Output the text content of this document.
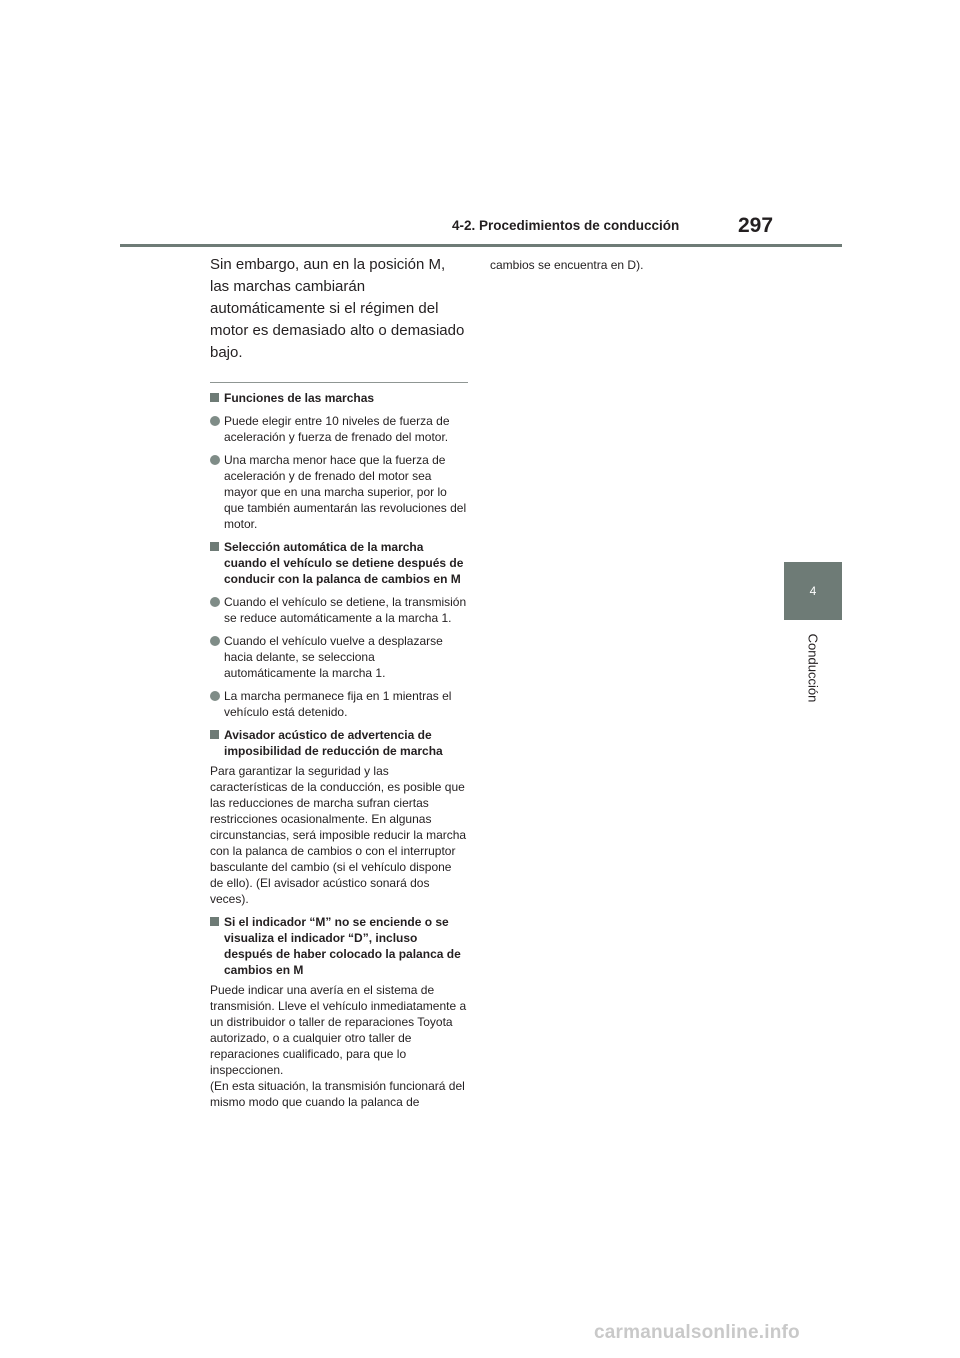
4-2. Procedimientos de conducción	297
4
Conducción

Sin embargo, aun en la posición M, las marchas cambiarán automáticamente si el régimen del motor es demasiado alto o demasiado bajo.

Funciones de las marchas
Puede elegir entre 10 niveles de fuerza de aceleración y fuerza de frenado del motor.
Una marcha menor hace que la fuerza de aceleración y de frenado del motor sea mayor que en una marcha superior, por lo que también aumentarán las revoluciones del motor.
Selección automática de la marcha cuando el vehículo se detiene después de conducir con la palanca de cambios en M
Cuando el vehículo se detiene, la transmisión se reduce automáticamente a la marcha 1.
Cuando el vehículo vuelve a desplazarse hacia delante, se selecciona automáticamente la marcha 1.
La marcha permanece fija en 1 mientras el vehículo está detenido.
Avisador acústico de advertencia de imposibilidad de reducción de marcha

Para garantizar la seguridad y las características de la conducción, es posible que las reducciones de marcha sufran ciertas restricciones ocasionalmente. En algunas circunstancias, será imposible reducir la marcha con la palanca de cambios o con el interruptor basculante del cambio (si el vehículo dispone de ello). (El avisador acústico sonará dos veces).

Si el indicador “M” no se enciende o se visualiza el indicador “D”, incluso después de haber colocado la palanca de cambios en M

Puede indicar una avería en el sistema de transmisión. Lleve el vehículo inmediatamente a un distribuidor o taller de reparaciones Toyota autorizado, o a cualquier otro taller de reparaciones cualificado, para que lo inspeccionen.
(En esta situación, la transmisión funcionará del mismo modo que cuando la palanca de

cambios se encuentra en D).

carmanualsonline.info
